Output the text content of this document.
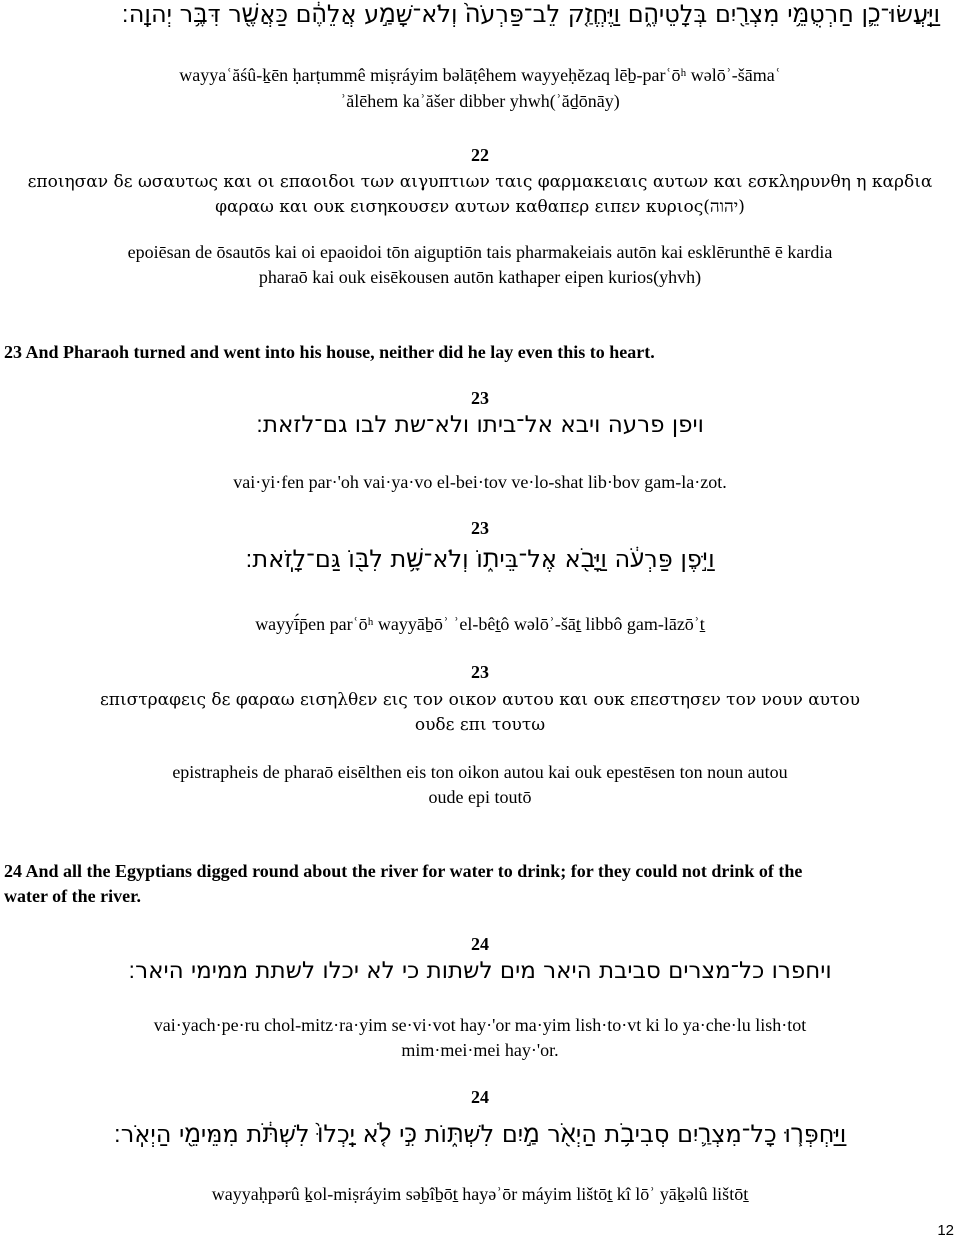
וַיַּֽעֲשׂוּ־כֵ֛ן חַרְטֻמֵּ֥י מִצְרַ֖יִם בְּלָטֵיהֶ֑ם וַיֶּחֱזַ֤ק לֵב־פַּרְעֹה֙ וְלֹא־שָׁמַ֣ע אֲלֵהֶ֔ם כַּאֲשֶׁ֖ר דִּבֶּ֥ר יְהוָֽה׃
wayyaʿăśû-ḵēn ḥarṭummê miṣráyim bəlāṭêhem wayyeḥĕzaq lēḇ-parʿōʰ wəlōʾ-šāmaʿ
ʾălēhem kaʾăšer dibber yhwh(ʾăḏōnāy)
22
εποιησαν δε ωσαυτως και οι επαοιδοι των αιγυπτιων ταις φαρμακειαις αυτων και εσκληρυνθη η καρδια
φαραω και ουκ εισηκουσεν αυτων καθαπερ ειπεν κυριος(יהוה)
epoiēsan de ōsautōs kai oi epaoidoi tōn aiguptiōn tais pharmakeiais autōn kai esklērunthē ē kardia
pharaō kai ouk eisēkousen autōn kathaper eipen kurios(yhvh)
23 And Pharaoh turned and went into his house, neither did he lay even this to heart.
23
ויפן פרעה ויבא אל־ביתו ולא־שת לבו גם־לזאת׃
vai·yi·fen par·'oh vai·ya·vo el-bei·tov ve·lo-shat lib·bov gam-la·zot.
23
וַיִּ֣פֶן פַּרְעֹ֔ה וַיָּבֹ֖א אֶל־בֵּית֑וֹ וְלֹא־שָׁ֥ת לִבּ֖וֹ גַּם־לָזֹֽאת׃
wayyī́p̄en parʿōʰ wayyāḇōʾ ʾel-bêṯô wəlōʾ-šāṯ libbô gam-lāzōʾṯ
23
επιστραφεις δε φαραω εισηλθεν εις τον οικον αυτου και ουκ επεστησεν τον νουν αυτου
ουδε επι τουτω
epistrapheis de pharaō eisēlthen eis ton oikon autou kai ouk epestēsen ton noun autou
oude epi toutō
24 And all the Egyptians digged round about the river for water to drink; for they could not drink of the
water of the river.
24
ויחפרו כל־מצרים סביבת היאר מים לשתות כי לא יכלו לשתת ממימי היאר׃
vai·yach·pe·ru chol-mitz·ra·yim se·vi·vot hay·'or ma·yim lish·to·vt ki lo ya·che·lu lish·tot
mim·mei·mei hay·'or.
24
וַיַּחְפְּר֧וּ כָל־מִצְרַ֛יִם סְבִיבֹ֥ת הַיְאֹ֖ר מַ֣יִם לִשְׁתּ֑וֹת כִּ֣י לֹ֤א יָֽכְלוּ֙ לִשְׁתֹּ֔ת מִמֵּימֵ֖י הַיְאֹֽר׃
wayyaḥpərû ḵol-miṣráyim səḇîḇōṯ hayəʾōr máyim lištōṯ kî lōʾ yāḵəlû lištōṯ
12
